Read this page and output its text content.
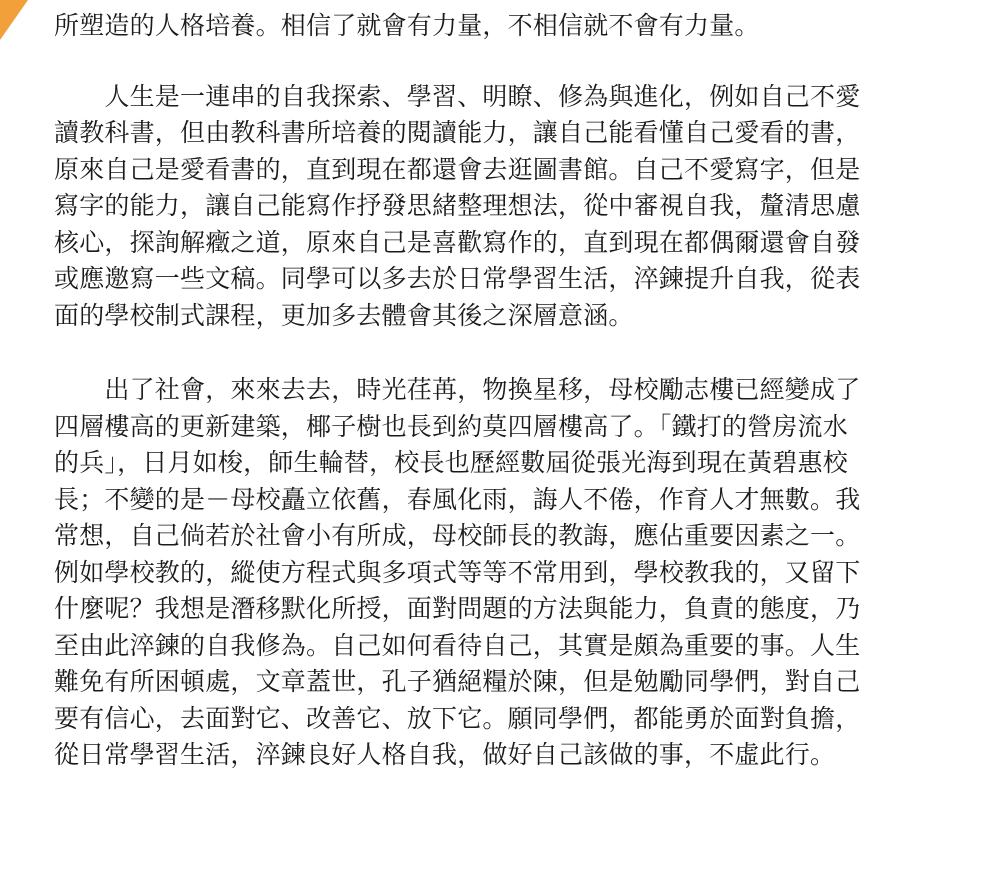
所塑造的人格培養。相信了就會有力量，不相信就不會有力量。

　　人生是一連串的自我探索、學習、明瞭、修為與進化，例如自己不愛
讀教科書，但由教科書所培養的閱讀能力，讓自己能看懂自己愛看的書，
原來自己是愛看書的，直到現在都還會去逛圖書館。自己不愛寫字，但是
寫字的能力，讓自己能寫作抒發思緒整理想法，從中審視自我，釐清思慮
核心，探詢解癥之道，原來自己是喜歡寫作的，直到現在都偶爾還會自發
或應邀寫一些文稿。同學可以多去於日常學習生活，淬鍊提升自我，從表
面的學校制式課程，更加多去體會其後之深層意涵。

　　出了社會，來來去去，時光荏苒，物換星移，母校勵志樓已經變成了
四層樓高的更新建築，椰子樹也長到約莫四層樓高了。「鐵打的營房流水
的兵」，日月如梭，師生輪替，校長也歷經數屆從張光海到現在黃碧惠校
長；不變的是－母校矗立依舊，春風化雨，誨人不倦，作育人才無數。我
常想，自己倘若於社會小有所成，母校師長的教誨，應佔重要因素之一。
例如學校教的，縱使方程式與多項式等等不常用到，學校教我的，又留下
什麼呢？我想是潛移默化所授，面對問題的方法與能力，負責的態度，乃
至由此淬鍊的自我修為。自己如何看待自己，其實是頗為重要的事。人生
難免有所困頓處，文章蓋世，孔子猶絕糧於陳，但是勉勵同學們，對自己
要有信心，去面對它、改善它、放下它。願同學們，都能勇於面對負擔，
從日常學習生活，淬鍊良好人格自我，做好自己該做的事，不虛此行。
